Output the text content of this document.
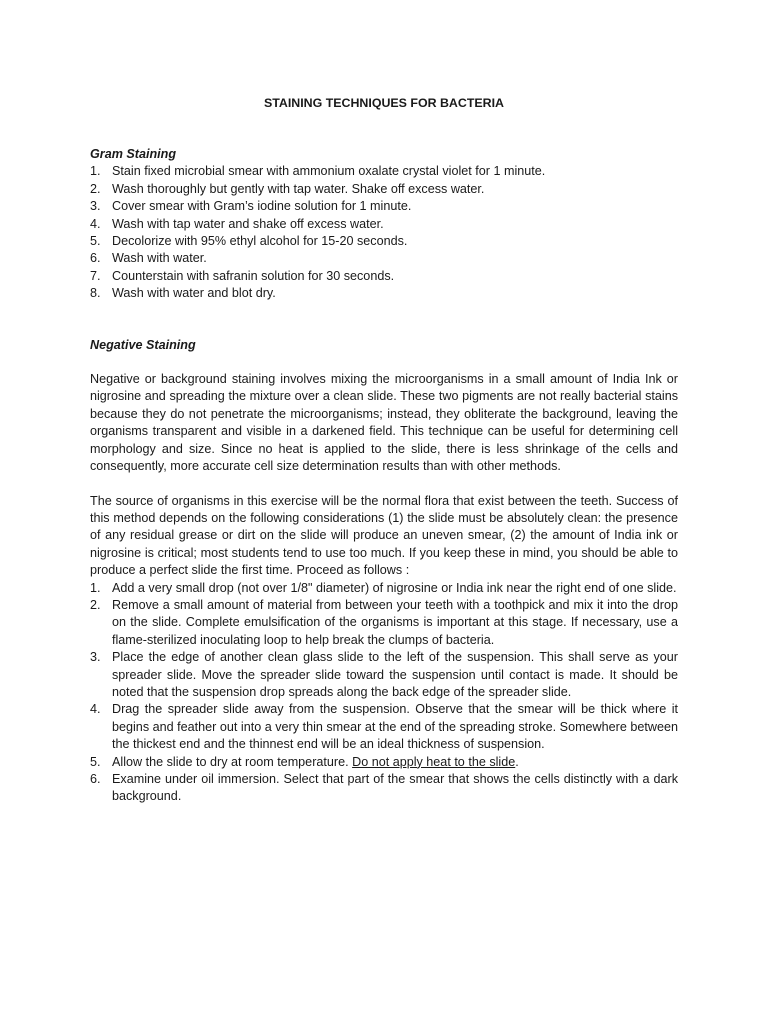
STAINING TECHNIQUES FOR BACTERIA
Gram Staining
1. Stain fixed microbial smear with ammonium oxalate crystal violet for 1 minute.
2. Wash thoroughly but gently with tap water. Shake off excess water.
3. Cover smear with Gram’s iodine solution for 1 minute.
4. Wash with tap water and shake off excess water.
5. Decolorize with 95% ethyl alcohol for 15-20 seconds.
6. Wash with water.
7. Counterstain with safranin solution for 30 seconds.
8. Wash with water and blot dry.
Negative Staining

Negative or background staining involves mixing the microorganisms in a small amount of India Ink or nigrosine and spreading the mixture over a clean slide. These two pigments are not really bacterial stains because they do not penetrate the microorganisms; instead, they obliterate the background, leaving the organisms transparent and visible in a darkened field. This technique can be useful for determining cell morphology and size. Since no heat is applied to the slide, there is less shrinkage of the cells and consequently, more accurate cell size determination results than with other methods.

The source of organisms in this exercise will be the normal flora that exist between the teeth. Success of this method depends on the following considerations (1) the slide must be absolutely clean: the presence of any residual grease or dirt on the slide will produce an uneven smear, (2) the amount of India ink or nigrosine is critical; most students tend to use too much. If you keep these in mind, you should be able to produce a perfect slide the first time. Proceed as follows :

1. Add a very small drop (not over 1/8" diameter) of nigrosine or India ink near the right end of one slide.
2. Remove a small amount of material from between your teeth with a toothpick and mix it into the drop on the slide. Complete emulsification of the organisms is important at this stage. If necessary, use a flame-sterilized inoculating loop to help break the clumps of bacteria.
3. Place the edge of another clean glass slide to the left of the suspension. This shall serve as your spreader slide. Move the spreader slide toward the suspension until contact is made. It should be noted that the suspension drop spreads along the back edge of the spreader slide.
4. Drag the spreader slide away from the suspension. Observe that the smear will be thick where it begins and feather out into a very thin smear at the end of the spreading stroke. Somewhere between the thickest end and the thinnest end will be an ideal thickness of suspension.
5. Allow the slide to dry at room temperature. Do not apply heat to the slide.
6. Examine under oil immersion. Select that part of the smear that shows the cells distinctly with a dark background.
